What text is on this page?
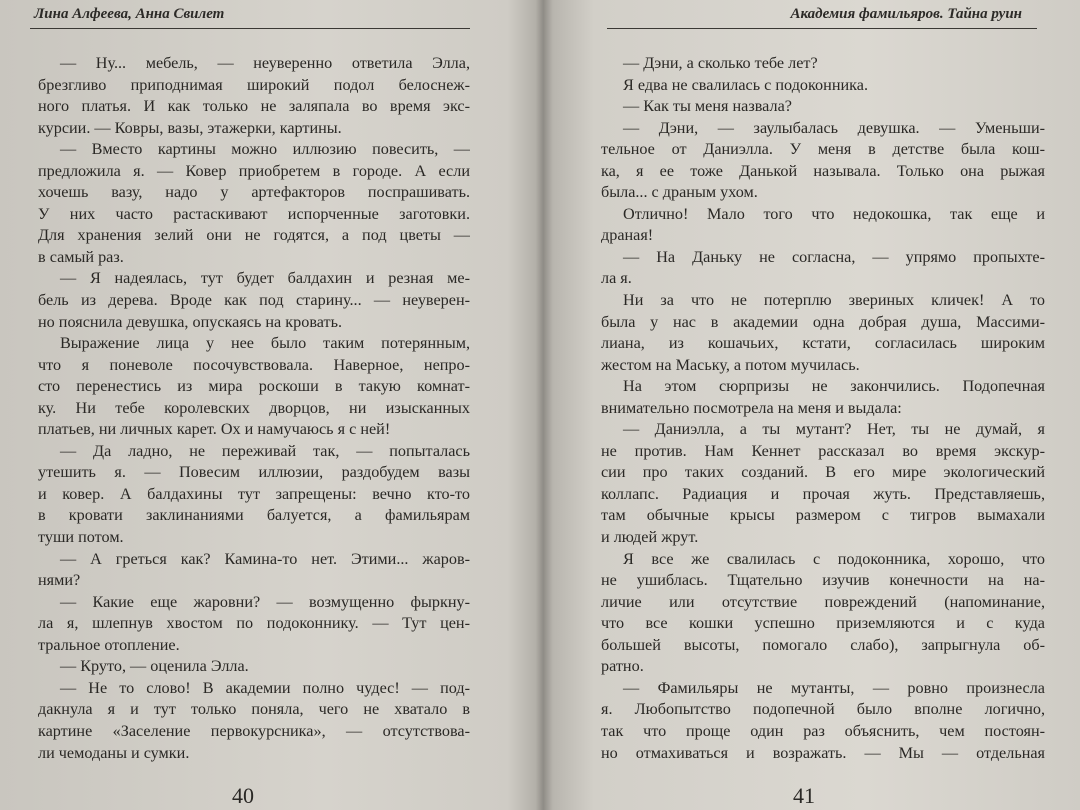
Лина Алфеева, Анна Свилет
— Ну... мебель, — неуверенно ответила Элла,
брезгливо приподнимая широкий подол белоснеж-
ного платья. И как только не заляпала во время экс-
курсии. — Ковры, вазы, этажерки, картины.
— Вместо картины можно иллюзию повесить, —
предложила я. — Ковер приобретем в городе. А если
хочешь вазу, надо у артефакторов поспрашивать.
У них часто растаскивают испорченные заготовки.
Для хранения зелий они не годятся, а под цветы —
в самый раз.
— Я надеялась, тут будет балдахин и резная ме-
бель из дерева. Вроде как под старину... — неуверен-
но пояснила девушка, опускаясь на кровать.
Выражение лица у нее было таким потерянным,
что я поневоле посочувствовала. Наверное, непро-
сто перенестись из мира роскоши в такую комнат-
ку. Ни тебе королевских дворцов, ни изысканных
платьев, ни личных карет. Ох и намучаюсь я с ней!
— Да ладно, не переживай так, — попыталась
утешить я. — Повесим иллюзии, раздобудем вазы
и ковер. А балдахины тут запрещены: вечно кто-то
в кровати заклинаниями балуется, а фамильярам
туши потом.
— А греться как? Камина-то нет. Этими... жаров-
нями?
— Какие еще жаровни? — возмущенно фыркну-
ла я, шлепнув хвостом по подоконнику. — Тут цен-
тральное отопление.
— Круто, — оценила Элла.
— Не то слово! В академии полно чудес! — под-
дакнула я и тут только поняла, чего не хватало в
картине «Заселение первокурсника», — отсутствова-
ли чемоданы и сумки.
40
Академия фамильяров. Тайна руин
— Дэни, а сколько тебе лет?
Я едва не свалилась с подоконника.
— Как ты меня назвала?
— Дэни, — заулыбалась девушка. — Уменьши-
тельное от Даниэлла. У меня в детстве была кош-
ка, я ее тоже Данькой называла. Только она рыжая
была... с драным ухом.
Отлично! Мало того что недокошка, так еще и
драная!
— На Даньку не согласна, — упрямо пропыхте-
ла я.
Ни за что не потерплю звериных кличек! А то
была у нас в академии одна добрая душа, Массими-
лиана, из кошачьих, кстати, согласилась широким
жестом на Маську, а потом мучилась.
На этом сюрпризы не закончились. Подопечная
внимательно посмотрела на меня и выдала:
— Даниэлла, а ты мутант? Нет, ты не думай, я
не против. Нам Кеннет рассказал во время экскур-
сии про таких созданий. В его мире экологический
коллапс. Радиация и прочая жуть. Представляешь,
там обычные крысы размером с тигров вымахали
и людей жрут.
Я все же свалилась с подоконника, хорошо, что
не ушиблась. Тщательно изучив конечности на на-
личие или отсутствие повреждений (напоминание,
что все кошки успешно приземляются и с куда
большей высоты, помогало слабо), запрыгнула об-
ратно.
— Фамильяры не мутанты, — ровно произнесла
я. Любопытство подопечной было вполне логично,
так что проще один раз объяснить, чем постоян-
но отмахиваться и возражать. — Мы — отдельная
41
